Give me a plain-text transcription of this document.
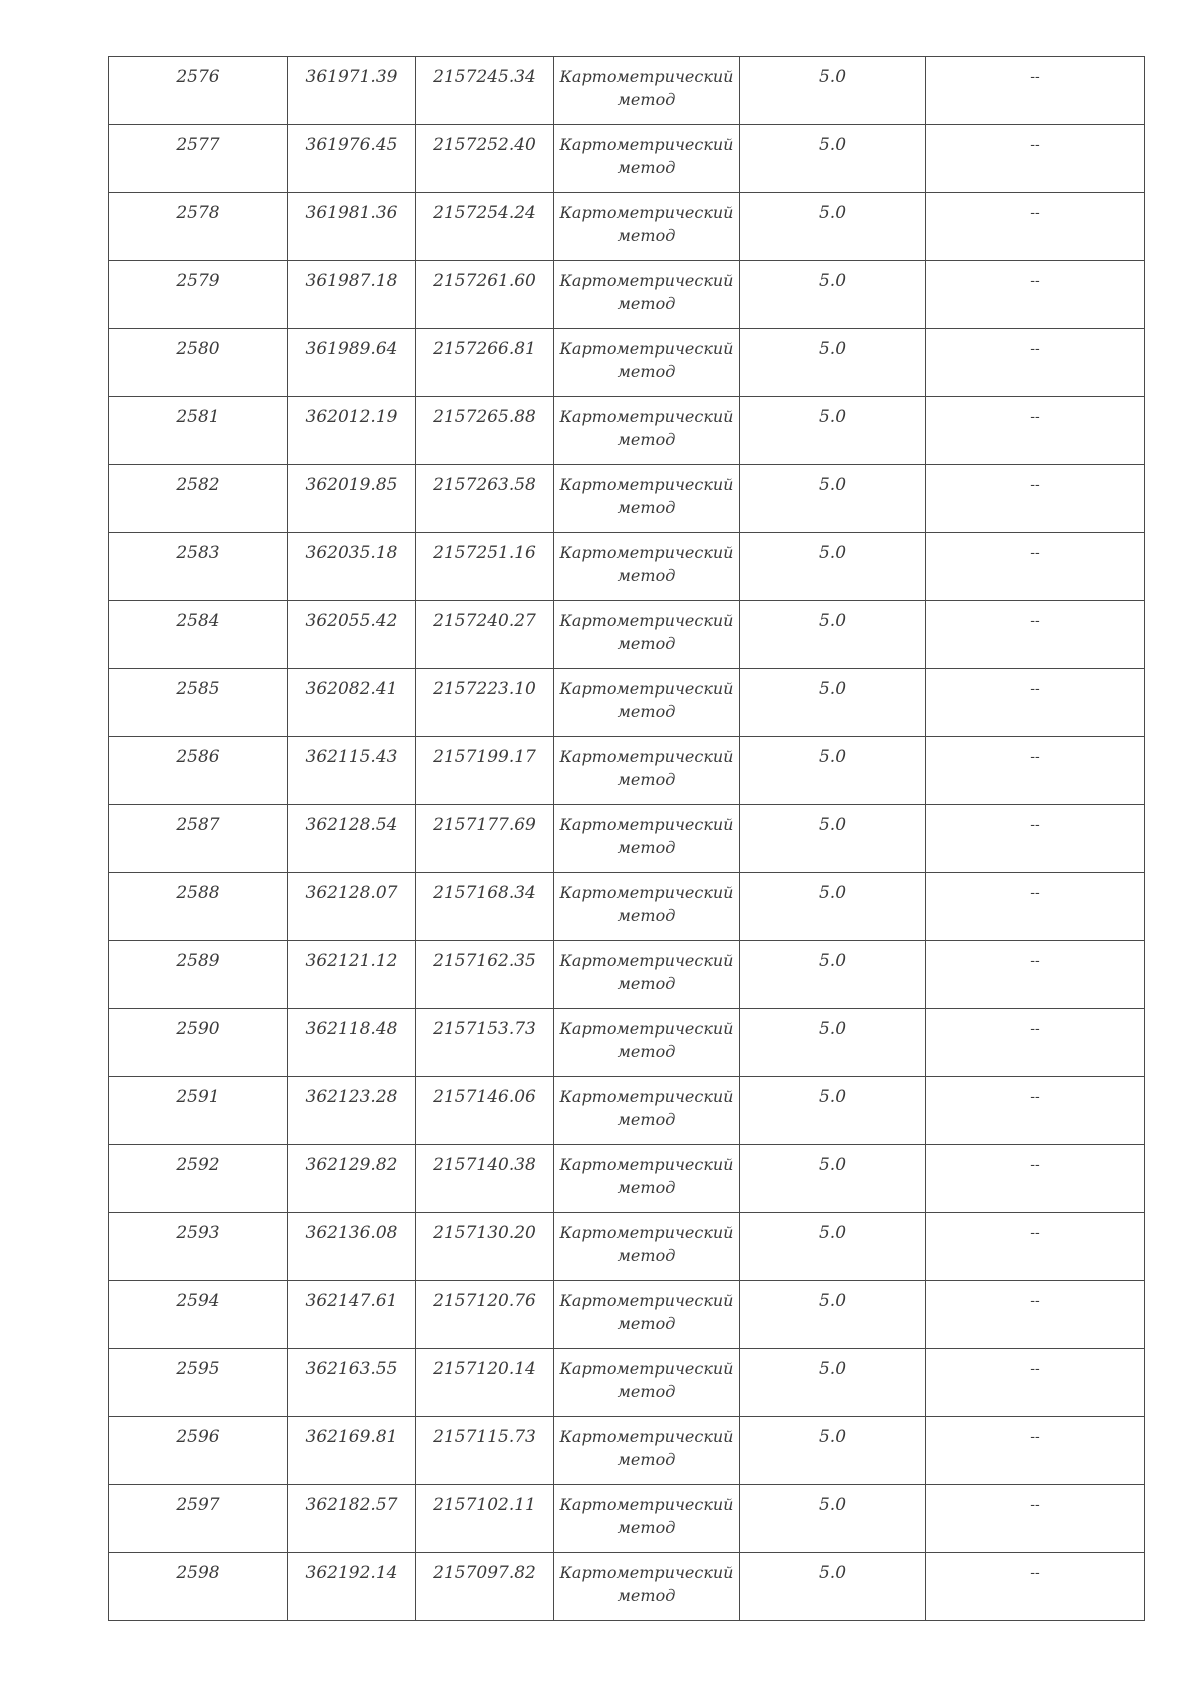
2576	361971.39	2157245.34	Картометрический
метод	5.0	--

2577	361976.45	2157252.40	Картометрический
метод	5.0	--

2578	361981.36	2157254.24	Картометрический
метод	5.0	--

2579	361987.18	2157261.60	Картометрический
метод	5.0	--

2580	361989.64	2157266.81	Картометрический
метод	5.0	--

2581	362012.19	2157265.88	Картометрический
метод	5.0	--

2582	362019.85	2157263.58	Картометрический
метод	5.0	--

2583	362035.18	2157251.16	Картометрический
метод	5.0	--

2584	362055.42	2157240.27	Картометрический
метод	5.0	--

2585	362082.41	2157223.10	Картометрический
метод	5.0	--

2586	362115.43	2157199.17	Картометрический
метод	5.0	--

2587	362128.54	2157177.69	Картометрический
метод	5.0	--

2588	362128.07	2157168.34	Картометрический
метод	5.0	--

2589	362121.12	2157162.35	Картометрический
метод	5.0	--

2590	362118.48	2157153.73	Картометрический
метод	5.0	--

2591	362123.28	2157146.06	Картометрический
метод	5.0	--

2592	362129.82	2157140.38	Картометрический
метод	5.0	--

2593	362136.08	2157130.20	Картометрический
метод	5.0	--

2594	362147.61	2157120.76	Картометрический
метод	5.0	--

2595	362163.55	2157120.14	Картометрический
метод	5.0	--

2596	362169.81	2157115.73	Картометрический
метод	5.0	--

2597	362182.57	2157102.11	Картометрический
метод	5.0	--

2598	362192.14	2157097.82	Картометрический
метод	5.0	--
